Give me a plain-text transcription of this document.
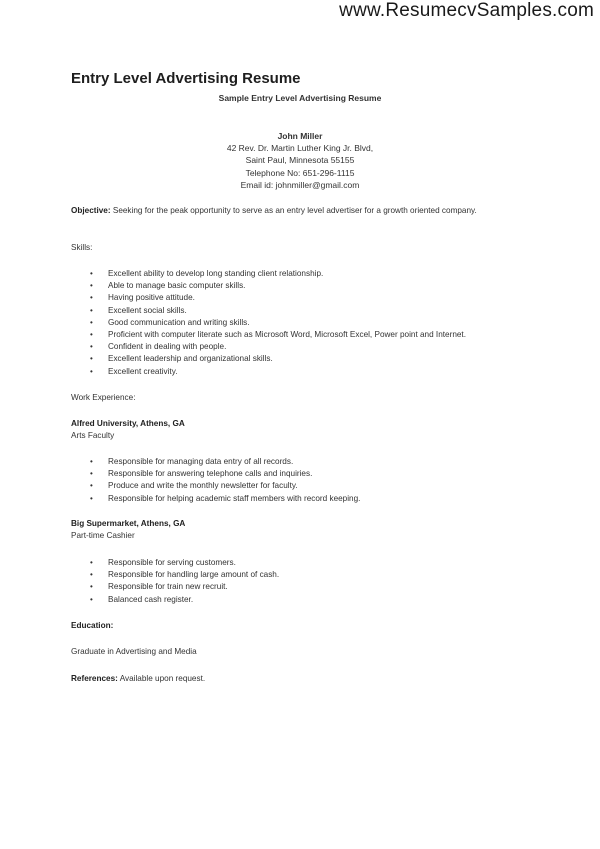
www.ResumecvSamples.com
Entry Level Advertising Resume
Sample Entry Level Advertising Resume
John Miller
42 Rev. Dr. Martin Luther King Jr. Blvd,
Saint Paul, Minnesota 55155
Telephone No: 651-296-1115
Email id: johnmiller@gmail.com
Objective: Seeking for the peak opportunity to serve as an entry level advertiser for a growth oriented company.
Skills:
• Excellent ability to develop long standing client relationship.
• Able to manage basic computer skills.
• Having positive attitude.
• Excellent social skills.
• Good communication and writing skills.
• Proficient with computer literate such as Microsoft Word, Microsoft Excel, Power point and Internet.
• Confident in dealing with people.
• Excellent leadership and organizational skills.
• Excellent creativity.
Work Experience:
Alfred University, Athens, GA
Arts Faculty
• Responsible for managing data entry of all records.
• Responsible for answering telephone calls and inquiries.
• Produce and write the monthly newsletter for faculty.
• Responsible for helping academic staff members with record keeping.
Big Supermarket, Athens, GA
Part-time Cashier
• Responsible for serving customers.
• Responsible for handling large amount of cash.
• Responsible for train new recruit.
• Balanced cash register.
Education:
Graduate in Advertising and Media
References: Available upon request.
